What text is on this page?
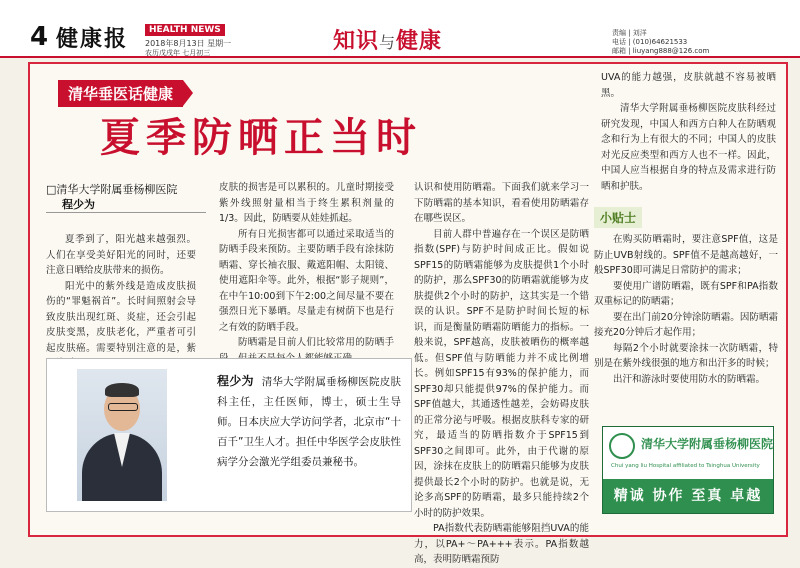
4 健康报	HEALTH NEWS
2018年8月13日 星期一
农历戊戌年 七月初三	知识与健康	责编 | 刘洋
电话 | (010)64621533
邮箱 | liuyang888@126.com
清华垂医话健康
夏季防晒正当时
□清华大学附属垂杨柳医院
程少为

夏季到了，阳光越来越强烈。人们在享受美好阳光的同时，还要注意日晒给皮肤带来的损伤。

阳光中的紫外线是造成皮肤损伤的“罪魁祸首”。长时间照射会导致皮肤出现红斑、炎症，还会引起皮肤变黑，皮肤老化，严重者可引起皮肤癌。需要特别注意的是，紫

皮肤的损害是可以累积的。儿童时期接受紫外线照射量相当于终生累积剂量的1/3。因此，防晒要从娃娃抓起。

所有日光损害都可以通过采取适当的防晒手段来预防。主要防晒手段有涂抹防晒霜、穿长袖衣服、戴遮阳帽、太阳镜、使用遮阳伞等。此外，根据“影子规则”，在中午10:00到下午2:00之间尽量不要在强烈日光下暴晒。尽量走有树荫下也是行之有效的防晒手段。

防晒霜是目前人们比较常用的防晒手

认识和使用防晒霜。下面我们就来学习一下防晒霜的基本知识，看看使用防晒霜存在哪些误区。

目前人群中普遍存在一个误区是防晒指数(SPF)与防护时间成正比。假如说SPF15的防晒霜能够为皮肤提供1个小时的防护，那么SPF30的防晒霜就能够为皮肤提供2个小时的防护，这其实是一个错误的认识。SPF不是防护时间长短的标识，而是衡量防晒霜防晒能力的指标。一般来说，SPF越高，皮肤被晒伤的概率越低。但SPF值与防晒能力并不成比例增长。例如SPF15有93%的保护能力，而SPF30却只能提供97%的保护能力。而SPF值越大，其通透性越差，会妨碍皮肤的正常分泌与呼吸。根据皮肤科专家的研究，最适当的防晒指数介于SPF15到SPF30之间即可。此外，由于代谢的原因，涂抹在皮肤上的防晒霜只能够为皮肤提供最长2个小时的防护。也就是说，无论多高SPF的防晒霜，最多只能持续2个小时的防护效果。

PA指数代表防晒霜能够阻挡UVA的能力，以PA+～PA+++表示。PA指数越高，表明防晒霜预防

UVA的能力越强，皮肤就越不容易被晒黑。

清华大学附属垂杨柳医院皮肤科经过研究发现，中国人和西方白种人在防晒观念和行为上有很大的不同；中国人的皮肤对光反应类型和西方人也不一样。因此，中国人应当根据自身的特点及需求进行防晒和护肤。

程少为 清华大学附属垂杨柳医院皮肤科主任，主任医师，博士，硕士生导师。日本庆应大学访问学者，北京市“十百千”卫生人才。担任中华医学会皮肤性病学分会激光学组委员兼秘书。
小贴士

在购买防晒霜时，要注意SPF值，这是防止UVB射线的。SPF值不是越高越好，一般SPF30即可满足日常防护的需求；

要使用广谱防晒霜，既有SPF和PA指数双重标记的防晒霜；

要在出门前20分钟涂防晒霜。因防晒霜接充20分钟后才起作用；

每隔2个小时就要涂抹一次防晒霜，特别是在紫外线很强的地方和出汗多的时候；

出汗和游泳时要使用防水的防晒霜。

清华大学附属垂杨柳医院
Chui yang liu Hospital affiliated to Tsinghua University
精诚 协作 至真 卓越
